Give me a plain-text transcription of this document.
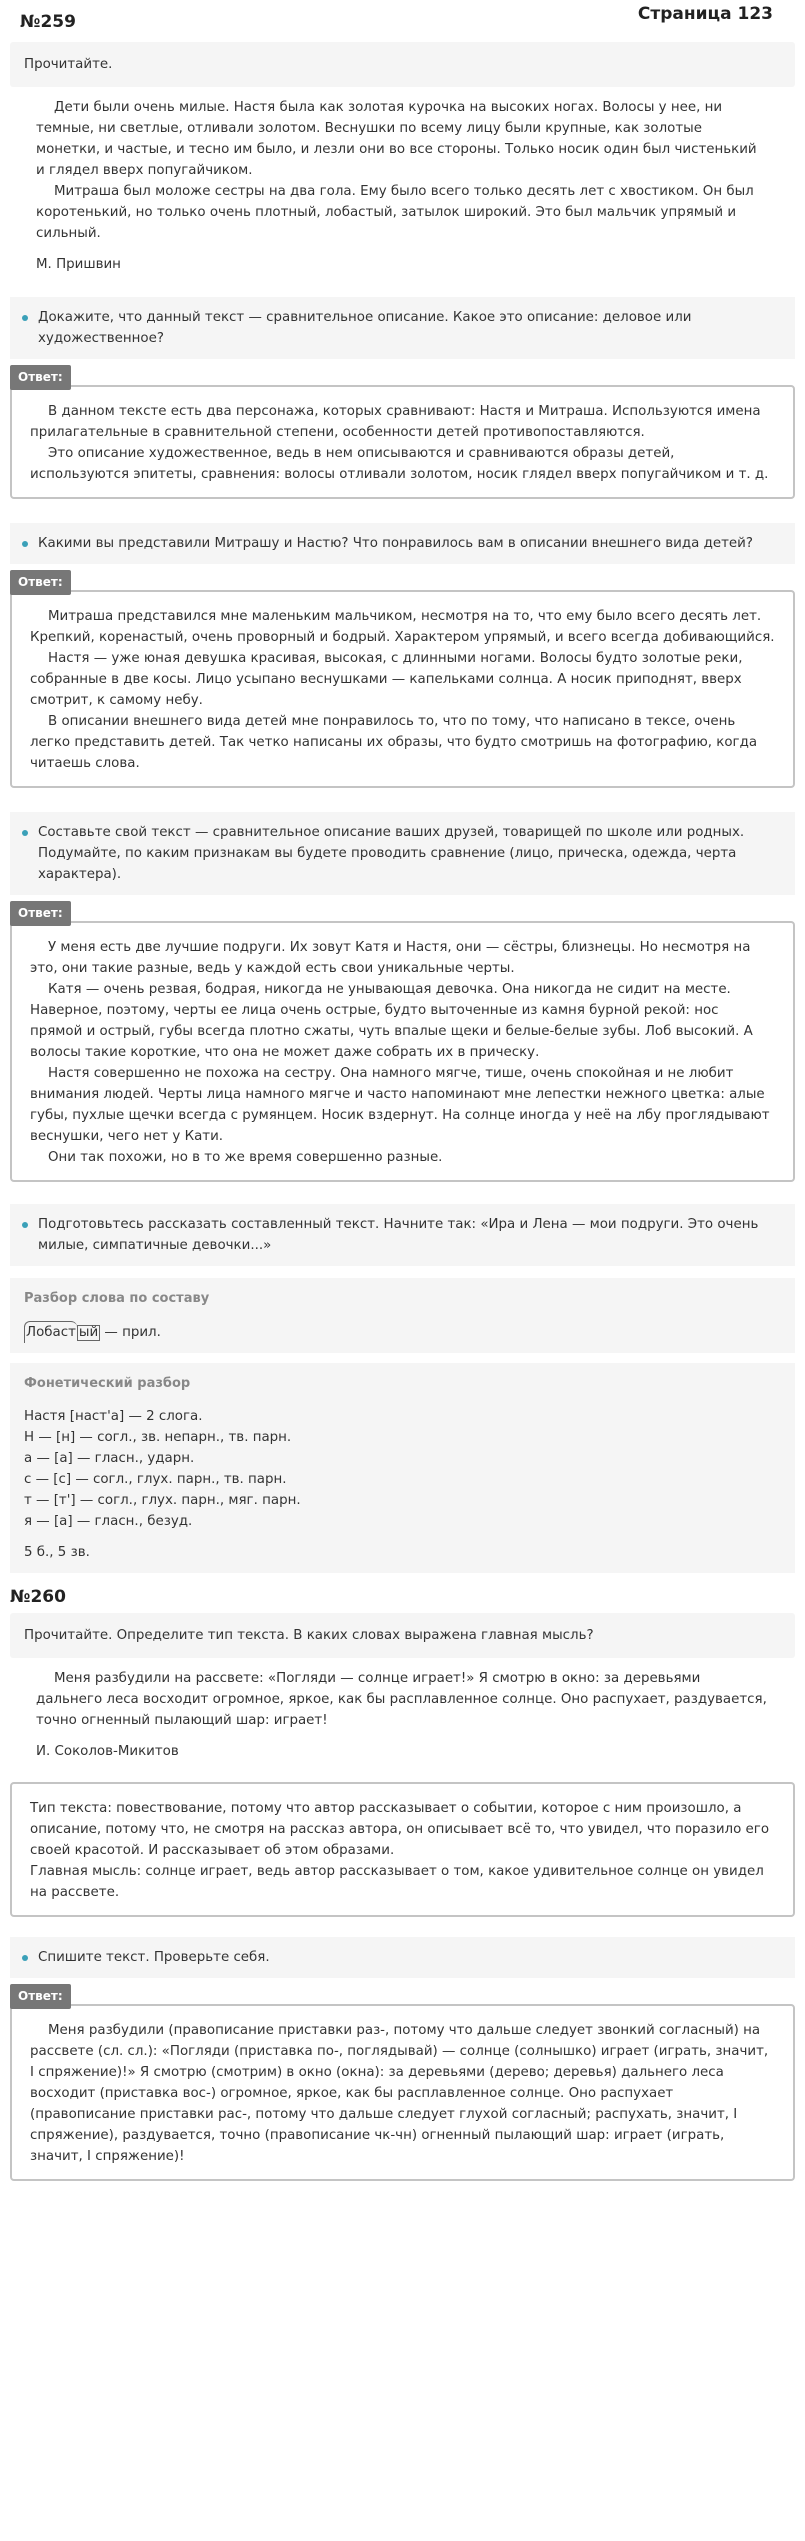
№259	Страница 123
Прочитайте.
Дети были очень милые. Настя была как золотая курочка на высоких ногах. Волосы у нее, ни темные, ни светлые, отливали золотом. Веснушки по всему лицу были крупные, как золотые монетки, и частые, и тесно им было, и лезли они во все стороны. Только носик один был чистенький и глядел вверх попугайчиком.
Митраша был моложе сестры на два гола. Ему было всего только десять лет с хвостиком. Он был коротенький, но только очень плотный, лобастый, затылок широкий. Это был мальчик упрямый и сильный.
М. Пришвин
Докажите, что данный текст — сравнительное описание. Какое это описание: деловое или художественное?
Ответ:
В данном тексте есть два персонажа, которых сравнивают: Настя и Митраша. Используются имена прилагательные в сравнительной степени, особенности детей противопоставляются.
Это описание художественное, ведь в нем описываются и сравниваются образы детей, используются эпитеты, сравнения: волосы отливали золотом, носик глядел вверх попугайчиком и т. д.
Какими вы представили Митрашу и Настю? Что понравилось вам в описании внешнего вида детей?
Ответ:
Митраша представился мне маленьким мальчиком, несмотря на то, что ему было всего десять лет. Крепкий, коренастый, очень проворный и бодрый. Характером упрямый, и всего всегда добивающийся.
Настя — уже юная девушка красивая, высокая, с длинными ногами. Волосы будто золотые реки, собранные в две косы. Лицо усыпано веснушками — капельками солнца. А носик приподнят, вверх смотрит, к самому небу.
В описании внешнего вида детей мне понравилось то, что по тому, что написано в тексе, очень легко представить детей. Так четко написаны их образы, что будто смотришь на фотографию, когда читаешь слова.
Составьте свой текст — сравнительное описание ваших друзей, товарищей по школе или родных. Подумайте, по каким признакам вы будете проводить сравнение (лицо, прическа, одежда, черта характера).
Ответ:
У меня есть две лучшие подруги. Их зовут Катя и Настя, они — сёстры, близнецы. Но несмотря на это, они такие разные, ведь у каждой есть свои уникальные черты.
Катя — очень резвая, бодрая, никогда не унывающая девочка. Она никогда не сидит на месте. Наверное, поэтому, черты ее лица очень острые, будто выточенные из камня бурной рекой: нос прямой и острый, губы всегда плотно сжаты, чуть впалые щеки и белые-белые зубы. Лоб высокий. А волосы такие короткие, что она не может даже собрать их в прическу.
Настя совершенно не похожа на сестру. Она намного мягче, тише, очень спокойная и не любит внимания людей. Черты лица намного мягче и часто напоминают мне лепестки нежного цветка: алые губы, пухлые щечки всегда с румянцем. Носик вздернут. На солнце иногда у неё на лбу проглядывают веснушки, чего нет у Кати.
Они так похожи, но в то же время совершенно разные.
Подготовьтесь рассказать составленный текст. Начните так: «Ира и Лена — мои подруги. Это очень милые, симпатичные девочки...»
Разбор слова по составу
Лобаст ый — прил.
Фонетический разбор
Настя [наст'а] — 2 слога.
Н — [н] — согл., зв. непарн., тв. парн.
а — [а] — гласн., ударн.
с — [с] — согл., глух. парн., тв. парн.
т — [т'] — согл., глух. парн., мяг. парн.
я — [а] — гласн., безуд.
5 б., 5 зв.
№260
Прочитайте. Определите тип текста. В каких словах выражена главная мысль?
Меня разбудили на рассвете: «Погляди — солнце играет!» Я смотрю в окно: за деревьями дальнего леса восходит огромное, яркое, как бы расплавленное солнце. Оно распухает, раздувается, точно огненный пылающий шар: играет!
И. Соколов-Микитов
Тип текста: повествование, потому что автор рассказывает о событии, которое с ним произошло, а описание, потому что, не смотря на рассказ автора, он описывает всё то, что увидел, что поразило его своей красотой. И рассказывает об этом образами.
Главная мысль: солнце играет, ведь автор рассказывает о том, какое удивительное солнце он увидел на рассвете.
Спишите текст. Проверьте себя.
Ответ:
Меня разбудили (правописание приставки раз-, потому что дальше следует звонкий согласный) на рассвете (сл. сл.): «Погляди (приставка по-, поглядывай) — солнце (солнышко) играет (играть, значит, I спряжение)!» Я смотрю (смотрим) в окно (окна): за деревьями (дерево; деревья) дальнего леса восходит (приставка вос-) огромное, яркое, как бы расплавленное солнце. Оно распухает (правописание приставки рас-, потому что дальше следует глухой согласный; распухать, значит, I спряжение), раздувается, точно (правописание чк-чн) огненный пылающий шар: играет (играть, значит, I спряжение)!
